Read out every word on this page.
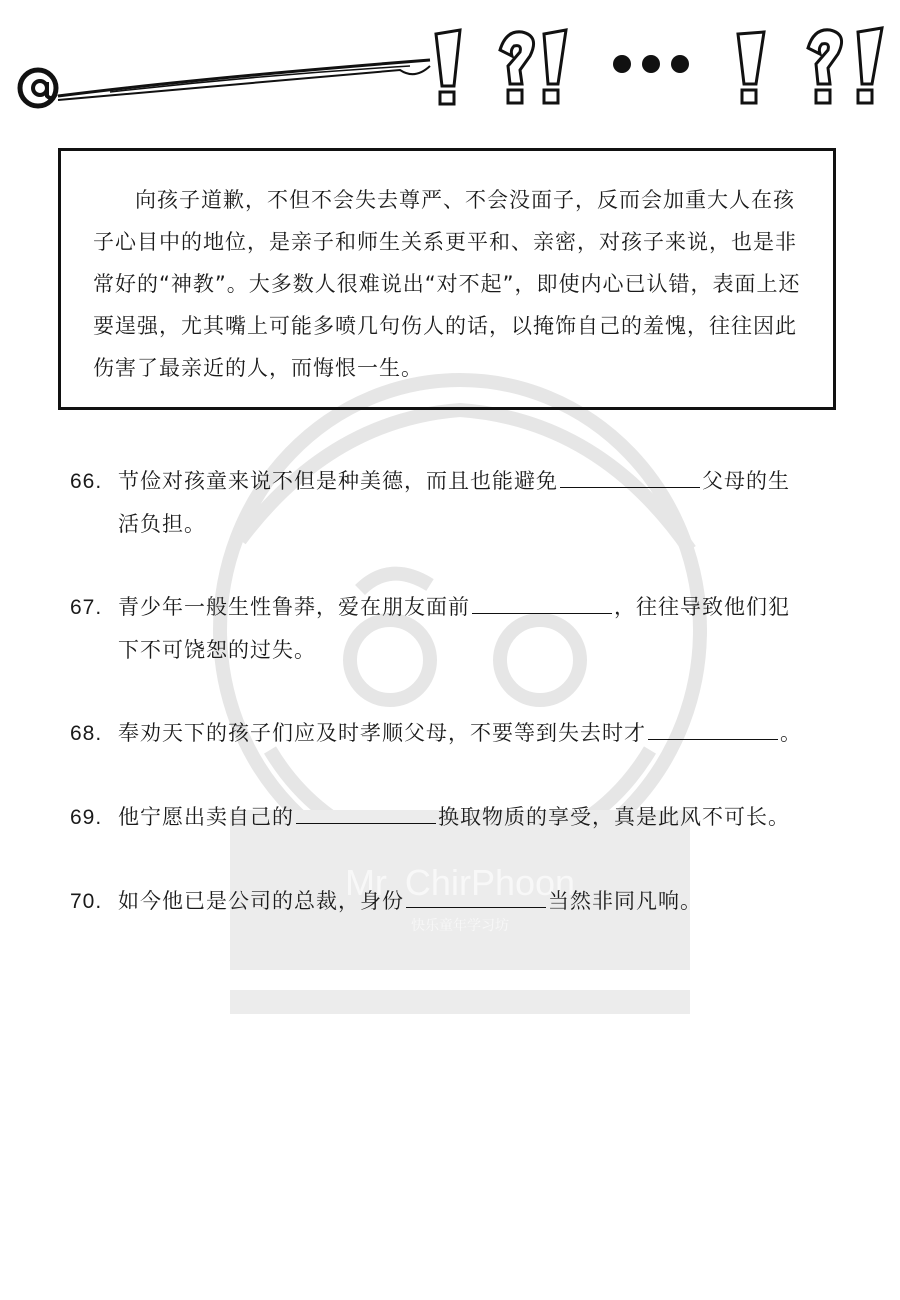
Mr. ChirPhoon
快乐童年学习坊

向孩子道歉，不但不会失去尊严、不会没面子，反而会加重大人在孩子心目中的地位，是亲子和师生关系更平和、亲密，对孩子来说，也是非常好的“神教”。大多数人很难说出“对不起”，即使内心已认错，表面上还要逞强，尤其嘴上可能多喷几句伤人的话，以掩饰自己的羞愧，往往因此伤害了最亲近的人，而悔恨一生。

66. 节俭对孩童来说不但是种美德，而且也能避免	父母的生
活负担。
67. 青少年一般生性鲁莽，爱在朋友面前	，往往导致他们犯
下不可饶恕的过失。
68. 奉劝天下的孩子们应及时孝顺父母，不要等到失去时才	。
69. 他宁愿出卖自己的	换取物质的享受，真是此风不可长。
70. 如今他已是公司的总裁，身份	当然非同凡响。
